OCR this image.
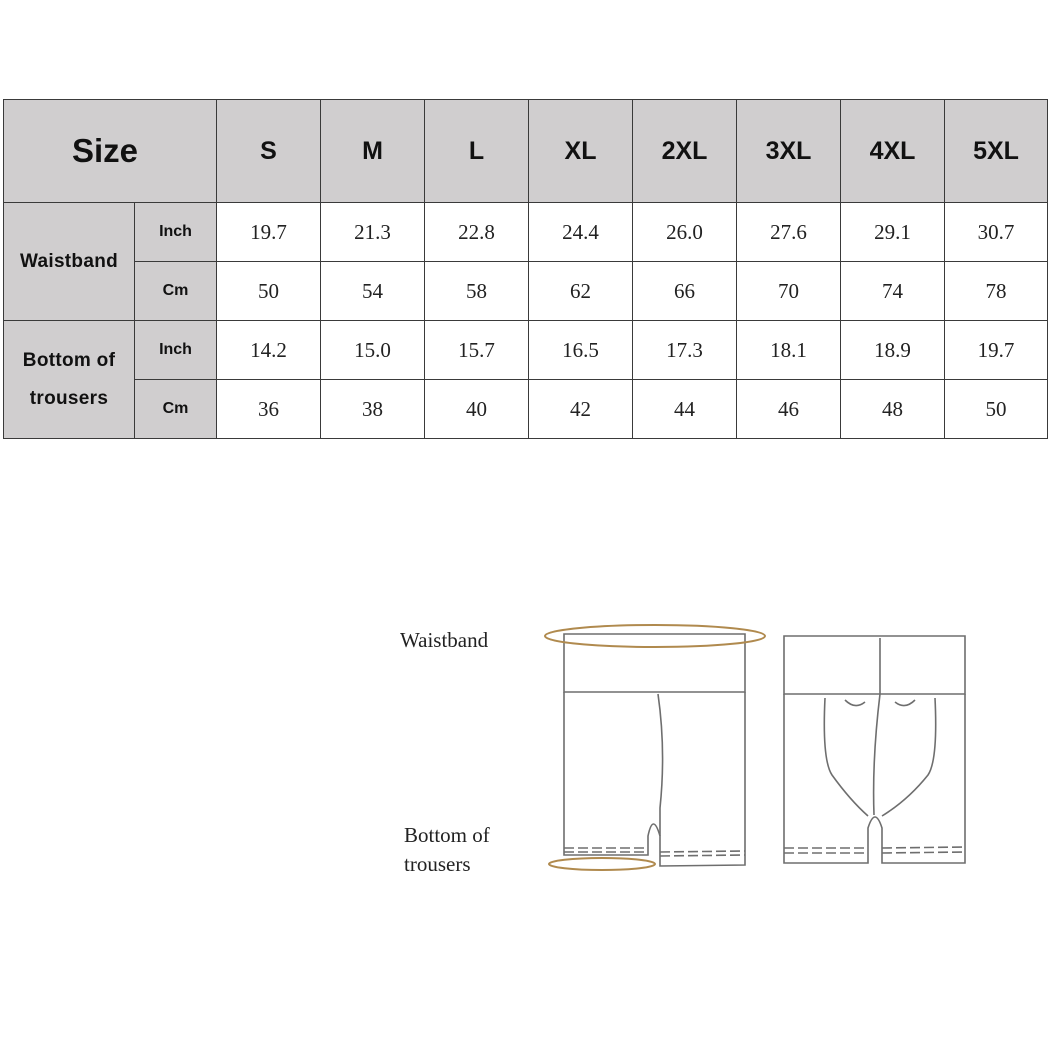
Size		S	M	L	XL	2XL	3XL	4XL	5XL

Waistband	Inch	19.7	21.3	22.8	24.4	26.0	27.6	29.1	30.7
	Cm	50	54	58	62	66	70	74	78

Bottom of
trousers	Inch	14.2	15.0	15.7	16.5	17.3	18.1	18.9	19.7
	Cm	36	38	40	42	44	46	48	50
Waistband
Bottom of
trousers
